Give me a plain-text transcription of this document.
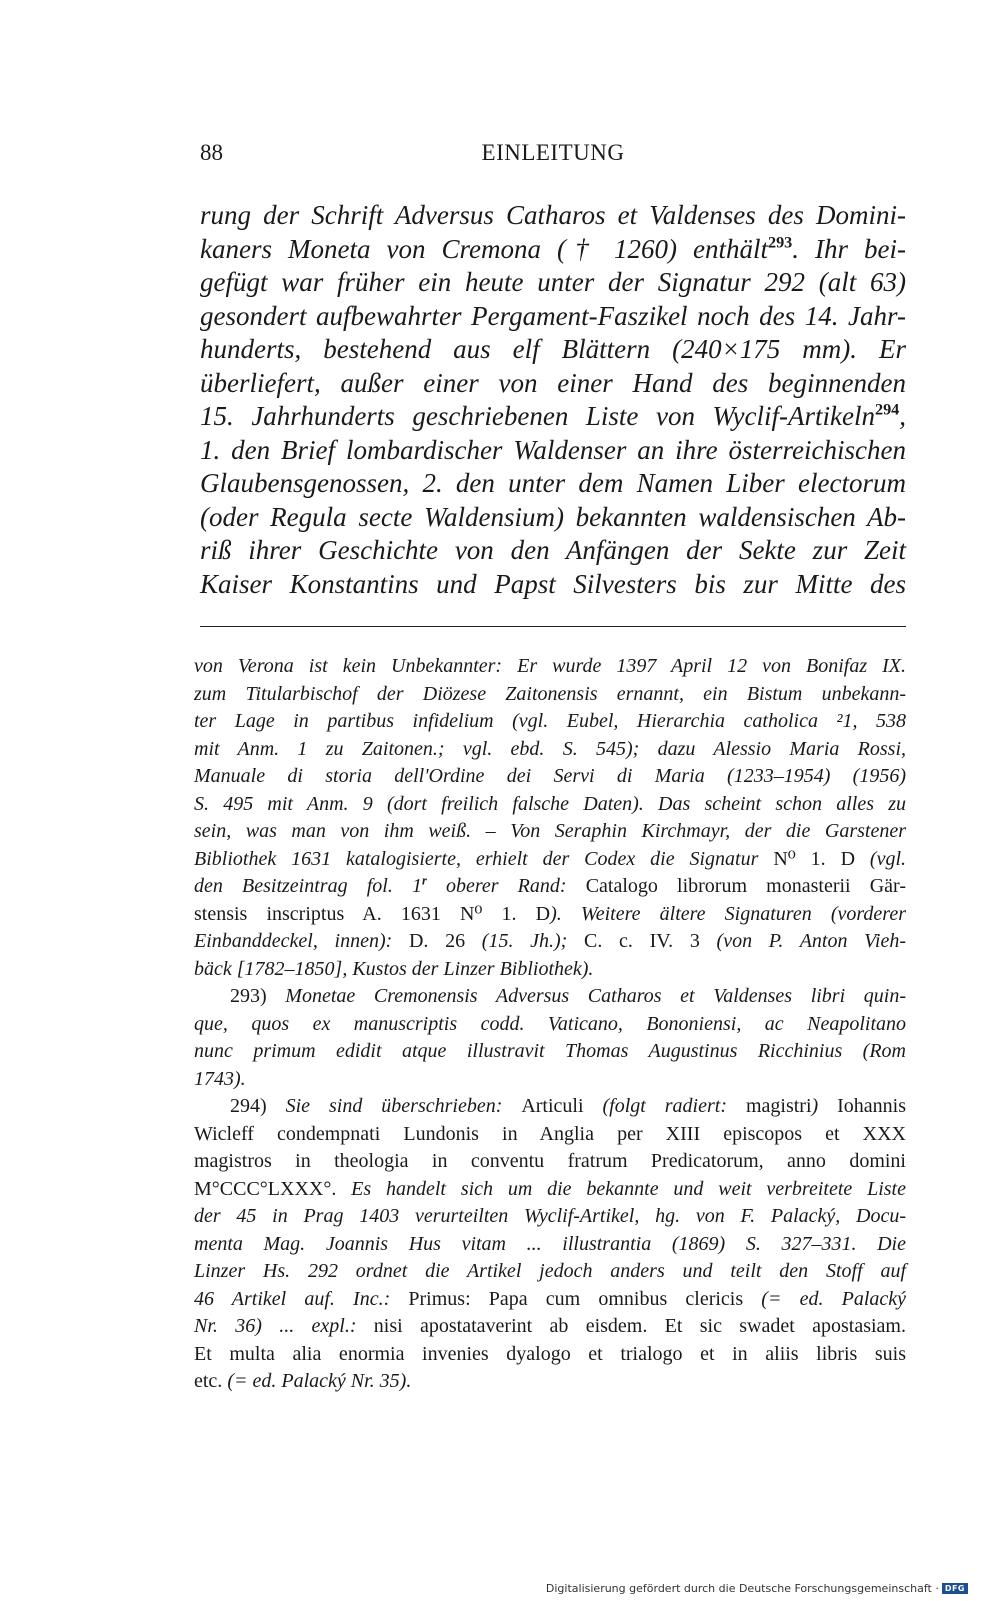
88	EINLEITUNG
rung der Schrift Adversus Catharos et Valdenses des Domini-
kaners Moneta von Cremona († 1260) enthält$^{293}$. Ihr bei-
gefügt war früher ein heute unter der Signatur 292 (alt 63)
gesondert aufbewahrter Pergament-Faszikel noch des 14. Jahr-
hunderts, bestehend aus elf Blättern (240×175 mm). Er
überliefert, außer einer von einer Hand des beginnenden
15. Jahrhunderts geschriebenen Liste von Wyclif-Artikeln$^{294}$,
1. den Brief lombardischer Waldenser an ihre österreichischen
Glaubensgenossen, 2. den unter dem Namen Liber electorum
(oder Regula secte Waldensium) bekannten waldensischen Ab-
riß ihrer Geschichte von den Anfängen der Sekte zur Zeit
Kaiser Konstantins und Papst Silvesters bis zur Mitte des
von Verona ist kein Unbekannter: Er wurde 1397 April 12 von Bonifaz IX.
zum Titularbischof der Diözese Zaitonensis ernannt, ein Bistum unbekann-
ter Lage in partibus infidelium (vgl. Eubel, Hierarchia catholica ²1, 538
mit Anm. 1 zu Zaitonen.; vgl. ebd. S. 545); dazu Alessio Maria Rossi,
Manuale di storia dell'Ordine dei Servi di Maria (1233–1954) (1956)
S. 495 mit Anm. 9 (dort freilich falsche Daten). Das scheint schon alles zu
sein, was man von ihm weiß. – Von Seraphin Kirchmayr, der die Garstener
Bibliothek 1631 katalogisierte, erhielt der Codex die Signatur N⁰ 1. D (vgl.
den Besitzeintrag fol. 1$^r$ oberer Rand: Catalogo librorum monasterii Gär-
stensis inscriptus A. 1631 N⁰ 1. D). Weitere ältere Signaturen (vorderer
Einbanddeckel, innen): D. 26 (15. Jh.); C. c. IV. 3 (von P. Anton Vieh-
bäck [1782–1850], Kustos der Linzer Bibliothek).
293) Monetae Cremonensis Adversus Catharos et Valdenses libri quin-
que, quos ex manuscriptis codd. Vaticano, Bononiensi, ac Neapolitano
nunc primum edidit atque illustravit Thomas Augustinus Ricchinius (Rom
1743).
294) Sie sind überschrieben: Articuli (folgt radiert: magistri) Iohannis
Wicleff condempnati Lundonis in Anglia per XIII episcopos et XXX
magistros in theologia in conventu fratrum Predicatorum, anno domini
M°CCC°LXXX°. Es handelt sich um die bekannte und weit verbreitete Liste
der 45 in Prag 1403 verurteilten Wyclif-Artikel, hg. von F. Palacký, Docu-
menta Mag. Joannis Hus vitam ... illustrantia (1869) S. 327–331. Die
Linzer Hs. 292 ordnet die Artikel jedoch anders und teilt den Stoff auf
46 Artikel auf. Inc.: Primus: Papa cum omnibus clericis (= ed. Palacký
Nr. 36) ... expl.: nisi apostataverint ab eisdem. Et sic swadet apostasiam.
Et multa alia enormia invenies dyalogo et trialogo et in aliis libris suis
etc. (= ed. Palacký Nr. 35).
Digitalisierung gefördert durch die Deutsche Forschungsgemeinschaft · DFG
